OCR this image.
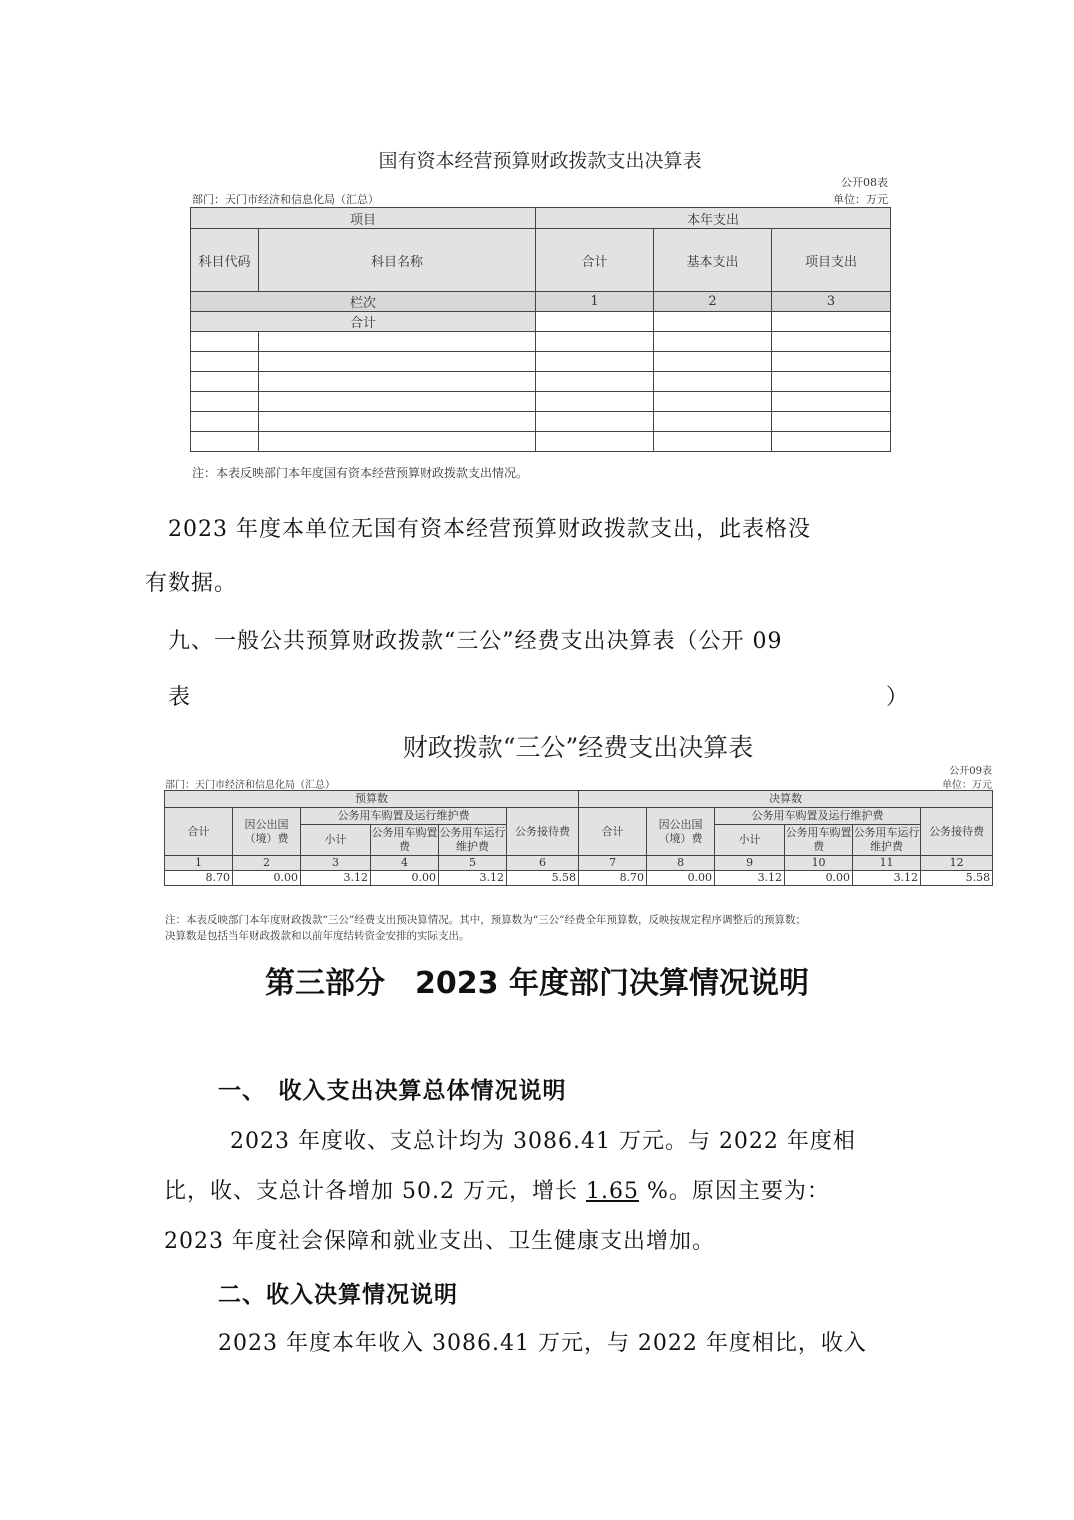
国有资本经营预算财政拨款支出决算表
公开08表
部门：天门市经济和信息化局（汇总）	单位：万元
项目		本年支出		
科目代码	科目名称	合计	基本支出	项目支出
栏次		1	2	3
合计				

注：本表反映部门本年度国有资本经营预算财政拨款支出情况。
2023 年度本单位无国有资本经营预算财政拨款支出，此表格没
有数据。
九、一般公共预算财政拨款“三公”经费支出决算表（公开 09
表	）
财政拨款“三公”经费支出决算表
公开09表
部门：天门市经济和信息化局（汇总）	单位：万元
预算数						决算数					
合计	因公出国（境）费	公务用车购置及运行维护费			公务接待费	合计	因公出国（境）费	公务用车购置及运行维护费			公务接待费
		小计	公务用车购置费	公务用车运行维护费				小计	公务用车购置费	公务用车运行维护费	
1	2	3	4	5	6	7	8	9	10	11	12
8.70	0.00	3.12	0.00	3.12	5.58	8.70	0.00	3.12	0.00	3.12	5.58
注：本表反映部门本年度财政拨款“三公”经费支出预决算情况。其中，预算数为“三公”经费全年预算数，反映按规定程序调整后的预算数；
决算数是包括当年财政拨款和以前年度结转资金安排的实际支出。
第三部分　2023 年度部门决算情况说明
一、　收入支出决算总体情况说明
2023 年度收、支总计均为 3086.41 万元。与 2022 年度相
比，收、支总计各增加 50.2 万元，增长 1.65 %。原因主要为：
2023 年度社会保障和就业支出、卫生健康支出增加。
二、收入决算情况说明
2023 年度本年收入 3086.41 万元，与 2022 年度相比，收入
